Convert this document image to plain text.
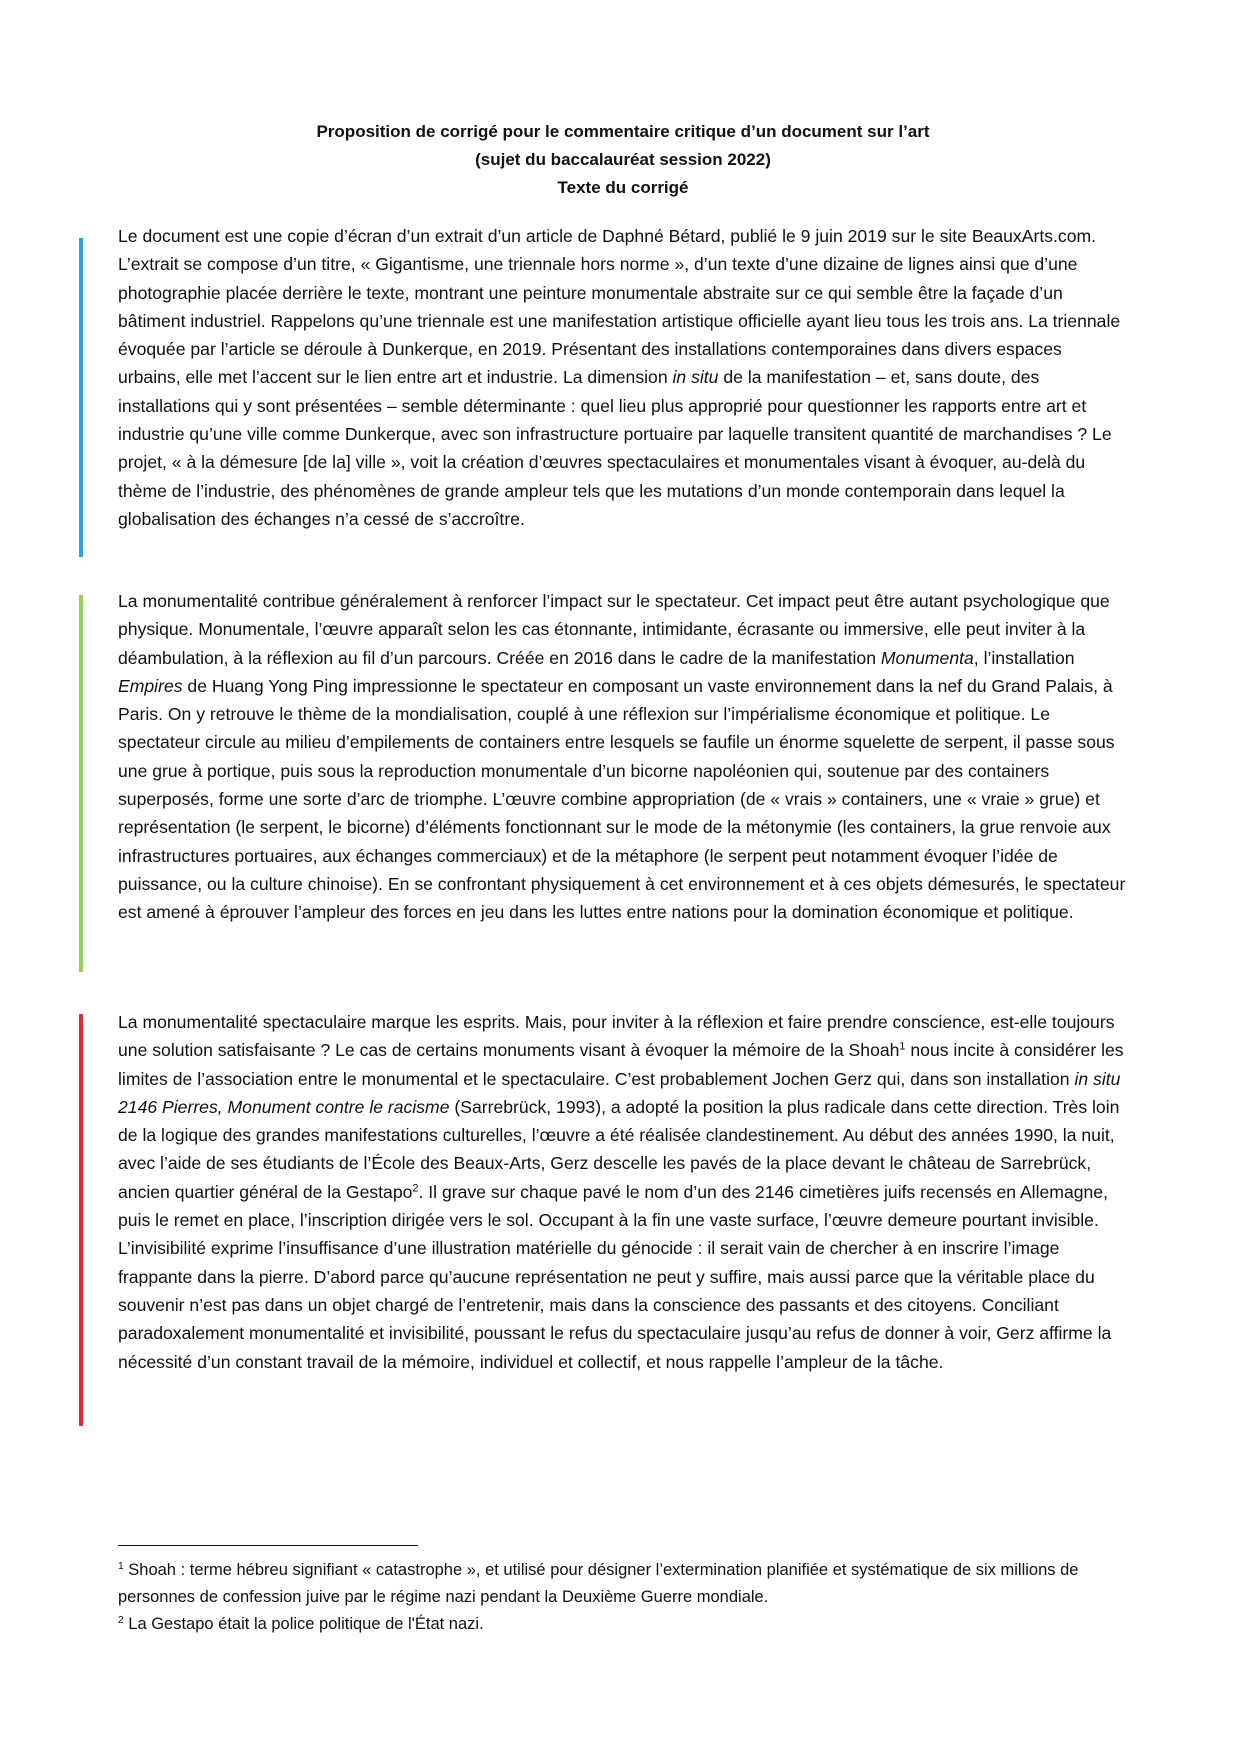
Proposition de corrigé pour le commentaire critique d’un document sur l’art
(sujet du baccalauréat session 2022)
Texte du corrigé

Le document est une copie d’écran d’un extrait d’un article de Daphné Bétard, publié le 9 juin 2019 sur le site BeauxArts.com. L’extrait se compose d’un titre, « Gigantisme, une triennale hors norme », d’un texte d’une dizaine de lignes ainsi que d’une photographie placée derrière le texte, montrant une peinture monumentale abstraite sur ce qui semble être la façade d’un bâtiment industriel. Rappelons qu’une triennale est une manifestation artistique officielle ayant lieu tous les trois ans. La triennale évoquée par l’article se déroule à Dunkerque, en 2019. Présentant des installations contemporaines dans divers espaces urbains, elle met l’accent sur le lien entre art et industrie. La dimension in situ de la manifestation – et, sans doute, des installations qui y sont présentées – semble déterminante : quel lieu plus approprié pour questionner les rapports entre art et industrie qu’une ville comme Dunkerque, avec son infrastructure portuaire par laquelle transitent quantité de marchandises ? Le projet, « à la démesure [de la] ville », voit la création d’œuvres spectaculaires et monumentales visant à évoquer, au-delà du thème de l’industrie, des phénomènes de grande ampleur tels que les mutations d’un monde contemporain dans lequel la globalisation des échanges n’a cessé de s’accroître.

La monumentalité contribue généralement à renforcer l’impact sur le spectateur. Cet impact peut être autant psychologique que physique. Monumentale, l’œuvre apparaît selon les cas étonnante, intimidante, écrasante ou immersive, elle peut inviter à la déambulation, à la réflexion au fil d’un parcours. Créée en 2016 dans le cadre de la manifestation Monumenta, l’installation Empires de Huang Yong Ping impressionne le spectateur en composant un vaste environnement dans la nef du Grand Palais, à Paris. On y retrouve le thème de la mondialisation, couplé à une réflexion sur l’impérialisme économique et politique. Le spectateur circule au milieu d’empilements de containers entre lesquels se faufile un énorme squelette de serpent, il passe sous une grue à portique, puis sous la reproduction monumentale d’un bicorne napoléonien qui, soutenue par des containers superposés, forme une sorte d’arc de triomphe. L’œuvre combine appropriation (de « vrais » containers, une « vraie » grue) et représentation (le serpent, le bicorne) d’éléments fonctionnant sur le mode de la métonymie (les containers, la grue renvoie aux infrastructures portuaires, aux échanges commerciaux) et de la métaphore (le serpent peut notamment évoquer l’idée de puissance, ou la culture chinoise). En se confrontant physiquement à cet environnement et à ces objets démesurés, le spectateur est amené à éprouver l’ampleur des forces en jeu dans les luttes entre nations pour la domination économique et politique.

La monumentalité spectaculaire marque les esprits. Mais, pour inviter à la réflexion et faire prendre conscience, est-elle toujours une solution satisfaisante ? Le cas de certains monuments visant à évoquer la mémoire de la Shoah$^1$ nous incite à considérer les limites de l’association entre le monumental et le spectaculaire. C’est probablement Jochen Gerz qui, dans son installation in situ 2146 Pierres, Monument contre le racisme (Sarrebrück, 1993), a adopté la position la plus radicale dans cette direction. Très loin de la logique des grandes manifestations culturelles, l’œuvre a été réalisée clandestinement. Au début des années 1990, la nuit, avec l’aide de ses étudiants de l’École des Beaux-Arts, Gerz descelle les pavés de la place devant le château de Sarrebrück, ancien quartier général de la Gestapo$^2$. Il grave sur chaque pavé le nom d’un des 2146 cimetières juifs recensés en Allemagne, puis le remet en place, l’inscription dirigée vers le sol. Occupant à la fin une vaste surface, l’œuvre demeure pourtant invisible. L’invisibilité exprime l’insuffisance d’une illustration matérielle du génocide : il serait vain de chercher à en inscrire l’image frappante dans la pierre. D’abord parce qu’aucune représentation ne peut y suffire, mais aussi parce que la véritable place du souvenir n’est pas dans un objet chargé de l’entretenir, mais dans la conscience des passants et des citoyens. Conciliant paradoxalement monumentalité et invisibilité, poussant le refus du spectaculaire jusqu’au refus de donner à voir, Gerz affirme la nécessité d’un constant travail de la mémoire, individuel et collectif, et nous rappelle l’ampleur de la tâche.

$^1$ Shoah : terme hébreu signifiant « catastrophe », et utilisé pour désigner l’extermination planifiée et systématique de six millions de personnes de confession juive par le régime nazi pendant la Deuxième Guerre mondiale.

$^2$ La Gestapo était la police politique de l'État nazi.
